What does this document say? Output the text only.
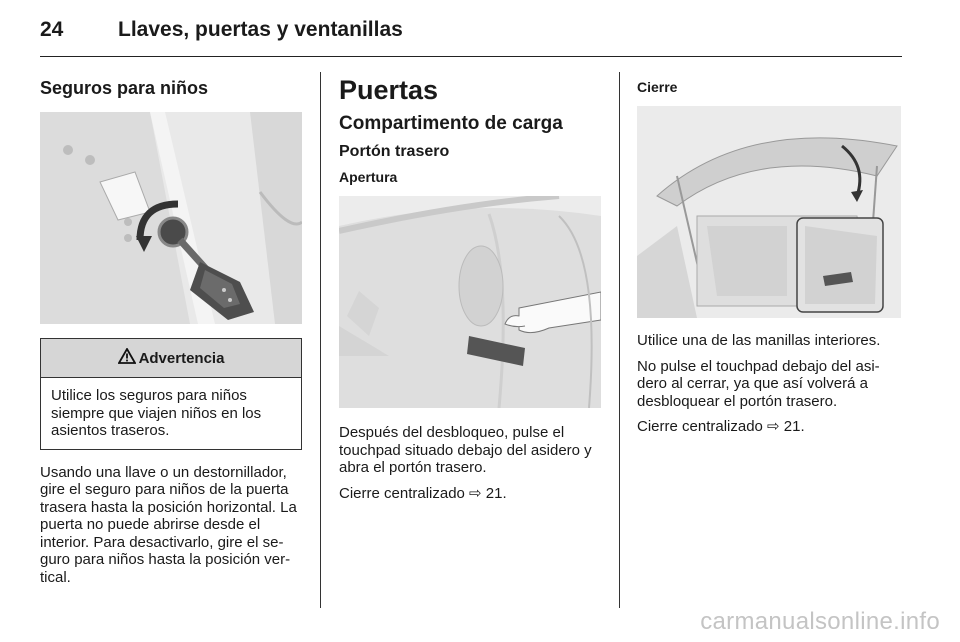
24	Llaves, puertas y ventanillas
Seguros para niños
Advertencia
Utilice los seguros para niños siempre que viajen niños en los asientos traseros.

Usando una llave o un destornillador, gire el seguro para niños de la puerta trasera hasta la posición horizontal. La puerta no puede abrirse desde el interior. Para desactivarlo, gire el seguro para niños hasta la posición vertical.

Puertas
Compartimento de carga
Portón trasero
Apertura

Después del desbloqueo, pulse el touchpad situado debajo del asidero y abra el portón trasero.

Cierre centralizado ⇨ 21.

Cierre

Utilice una de las manillas interiores.

No pulse el touchpad debajo del asidero al cerrar, ya que así volverá a desbloquear el portón trasero.

Cierre centralizado ⇨ 21.

carmanualsonline.info
